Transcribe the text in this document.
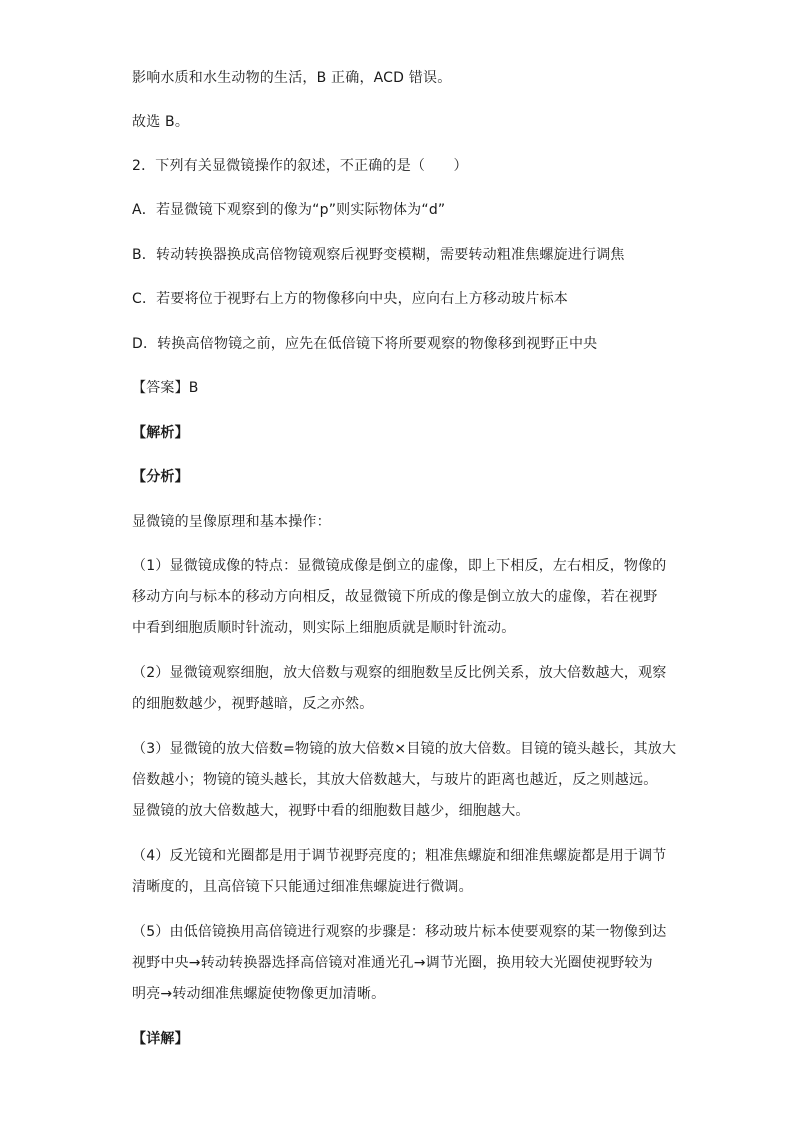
影响水质和水生动物的生活，B 正确，ACD 错误。
故选 B。
2．下列有关显微镜操作的叙述，不正确的是（　　）
A．若显微镜下观察到的像为“p”则实际物体为“d”
B．转动转换器换成高倍物镜观察后视野变模糊，需要转动粗准焦螺旋进行调焦
C．若要将位于视野右上方的物像移向中央，应向右上方移动玻片标本
D．转换高倍物镜之前，应先在低倍镜下将所要观察的物像移到视野正中央
【答案】B
【解析】
【分析】
显微镜的呈像原理和基本操作：
（1）显微镜成像的特点：显微镜成像是倒立的虚像，即上下相反，左右相反，物像的
移动方向与标本的移动方向相反，故显微镜下所成的像是倒立放大的虚像，若在视野
中看到细胞质顺时针流动，则实际上细胞质就是顺时针流动。
（2）显微镜观察细胞，放大倍数与观察的细胞数呈反比例关系，放大倍数越大，观察
的细胞数越少，视野越暗，反之亦然。
（3）显微镜的放大倍数=物镜的放大倍数×目镜的放大倍数。目镜的镜头越长，其放大
倍数越小；物镜的镜头越长，其放大倍数越大，与玻片的距离也越近，反之则越远。
显微镜的放大倍数越大，视野中看的细胞数目越少，细胞越大。
（4）反光镜和光圈都是用于调节视野亮度的；粗准焦螺旋和细准焦螺旋都是用于调节
清晰度的，且高倍镜下只能通过细准焦螺旋进行微调。
（5）由低倍镜换用高倍镜进行观察的步骤是：移动玻片标本使要观察的某一物像到达
视野中央→转动转换器选择高倍镜对准通光孔→调节光圈，换用较大光圈使视野较为
明亮→转动细准焦螺旋使物像更加清晰。
【详解】
